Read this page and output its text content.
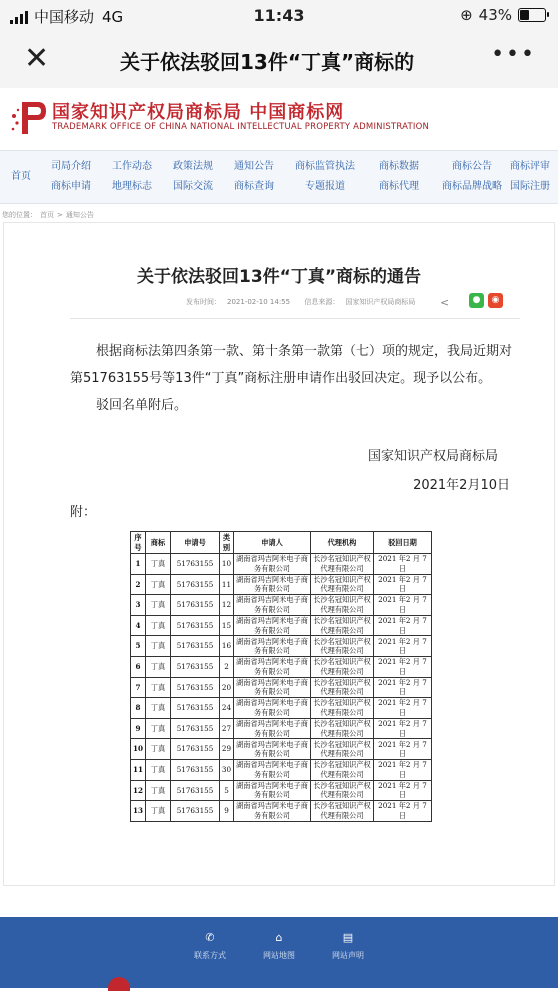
中国移动 4G	11:43	⊕ 43%
✕	关于依法驳回13件“丁真”商标的	•••
国家知识产权局商标局 中国商标网
TRADEMARK OFFICE OF CHINA NATIONAL INTELLECTUAL PROPERTY ADMINISTRATION
首页
司局介绍
商标申请
工作动态
地理标志
政策法规
国际交流
通知公告
商标查询
商标监管执法
专题报道
商标数据
商标代理
商标公告
商标品牌战略
商标评审
国际注册
您的位置： 首页 > 通知公告
关于依法驳回13件“丁真”商标的通告
发布时间： 2021-02-10 14:55 信息来源： 国家知识产权局商标局	<	●	◉

根据商标法第四条第一款、第十条第一款第（七）项的规定，我局近期对第51763155号等13件“丁真”商标注册申请作出驳回决定。现予以公布。

驳回名单附后。

国家知识产权局商标局
2021年2月10日
附：
序号	商标	申请号	类别	申请人	代理机构	驳回日期
1	丁真	51763155	10	湖南省玛吉阿米电子商务有限公司	长沙名冠知识产权代理有限公司	2021 年2 月 7 日
2	丁真	51763155	11	湖南省玛吉阿米电子商务有限公司	长沙名冠知识产权代理有限公司	2021 年2 月 7 日
3	丁真	51763155	12	湖南省玛吉阿米电子商务有限公司	长沙名冠知识产权代理有限公司	2021 年2 月 7 日
4	丁真	51763155	15	湖南省玛吉阿米电子商务有限公司	长沙名冠知识产权代理有限公司	2021 年2 月 7 日
5	丁真	51763155	16	湖南省玛吉阿米电子商务有限公司	长沙名冠知识产权代理有限公司	2021 年2 月 7 日
6	丁真	51763155	2	湖南省玛吉阿米电子商务有限公司	长沙名冠知识产权代理有限公司	2021 年2 月 7 日
7	丁真	51763155	20	湖南省玛吉阿米电子商务有限公司	长沙名冠知识产权代理有限公司	2021 年2 月 7 日
8	丁真	51763155	24	湖南省玛吉阿米电子商务有限公司	长沙名冠知识产权代理有限公司	2021 年2 月 7 日
9	丁真	51763155	27	湖南省玛吉阿米电子商务有限公司	长沙名冠知识产权代理有限公司	2021 年2 月 7 日
10	丁真	51763155	29	湖南省玛吉阿米电子商务有限公司	长沙名冠知识产权代理有限公司	2021 年2 月 7 日
11	丁真	51763155	30	湖南省玛吉阿米电子商务有限公司	长沙名冠知识产权代理有限公司	2021 年2 月 7 日
12	丁真	51763155	5	湖南省玛吉阿米电子商务有限公司	长沙名冠知识产权代理有限公司	2021 年2 月 7 日
13	丁真	51763155	9	湖南省玛吉阿米电子商务有限公司	长沙名冠知识产权代理有限公司	2021 年2 月 7 日
✆
联系方式
⌂
网站地图
▤
网站声明
